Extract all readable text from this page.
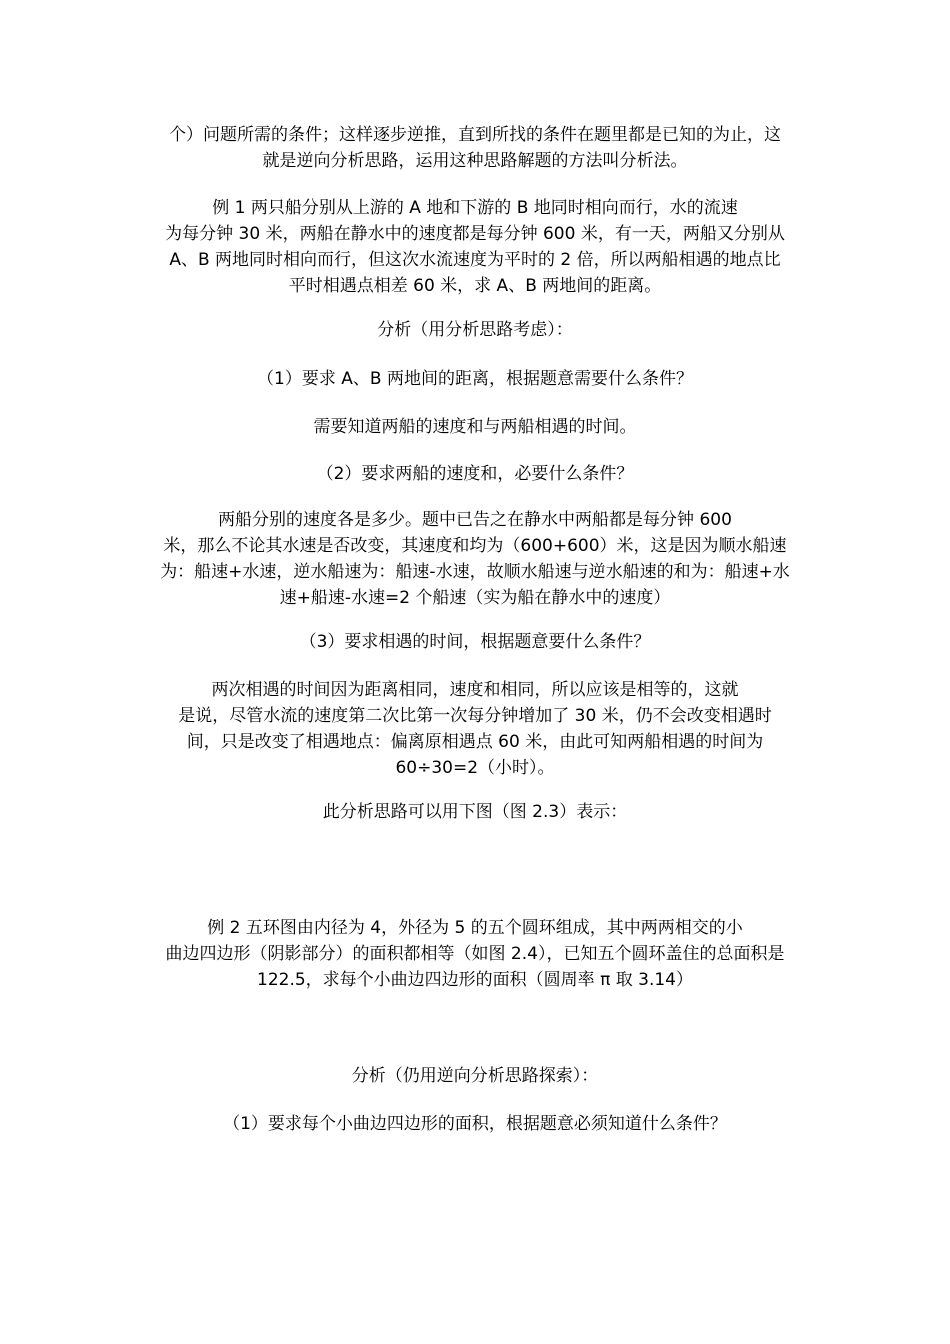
个）问题所需的条件；这样逐步逆推，直到所找的条件在题里都是已知的为止，这
就是逆向分析思路，运用这种思路解题的方法叫分析法。
例 1 两只船分别从上游的 A 地和下游的 B 地同时相向而行，水的流速
为每分钟 30 米，两船在静水中的速度都是每分钟 600 米，有一天，两船又分别从
A、B 两地同时相向而行，但这次水流速度为平时的 2 倍，所以两船相遇的地点比
平时相遇点相差 60 米，求 A、B 两地间的距离。
分析（用分析思路考虑）：
（1）要求 A、B 两地间的距离，根据题意需要什么条件？
需要知道两船的速度和与两船相遇的时间。
（2）要求两船的速度和，必要什么条件？
两船分别的速度各是多少。题中已告之在静水中两船都是每分钟 600
米，那么不论其水速是否改变，其速度和均为（600+600）米，这是因为顺水船速
为：船速+水速，逆水船速为：船速-水速，故顺水船速与逆水船速的和为：船速+水
速+船速-水速=2 个船速（实为船在静水中的速度）
（3）要求相遇的时间，根据题意要什么条件？
两次相遇的时间因为距离相同，速度和相同，所以应该是相等的，这就
是说，尽管水流的速度第二次比第一次每分钟增加了 30 米，仍不会改变相遇时
间，只是改变了相遇地点：偏离原相遇点 60 米，由此可知两船相遇的时间为
60÷30=2（小时）。
此分析思路可以用下图（图 2.3）表示：
例 2 五环图由内径为 4，外径为 5 的五个圆环组成，其中两两相交的小
曲边四边形（阴影部分）的面积都相等（如图 2.4），已知五个圆环盖住的总面积是
122.5，求每个小曲边四边形的面积（圆周率 π 取 3.14）
分析（仍用逆向分析思路探索）：
（1）要求每个小曲边四边形的面积，根据题意必须知道什么条件？
